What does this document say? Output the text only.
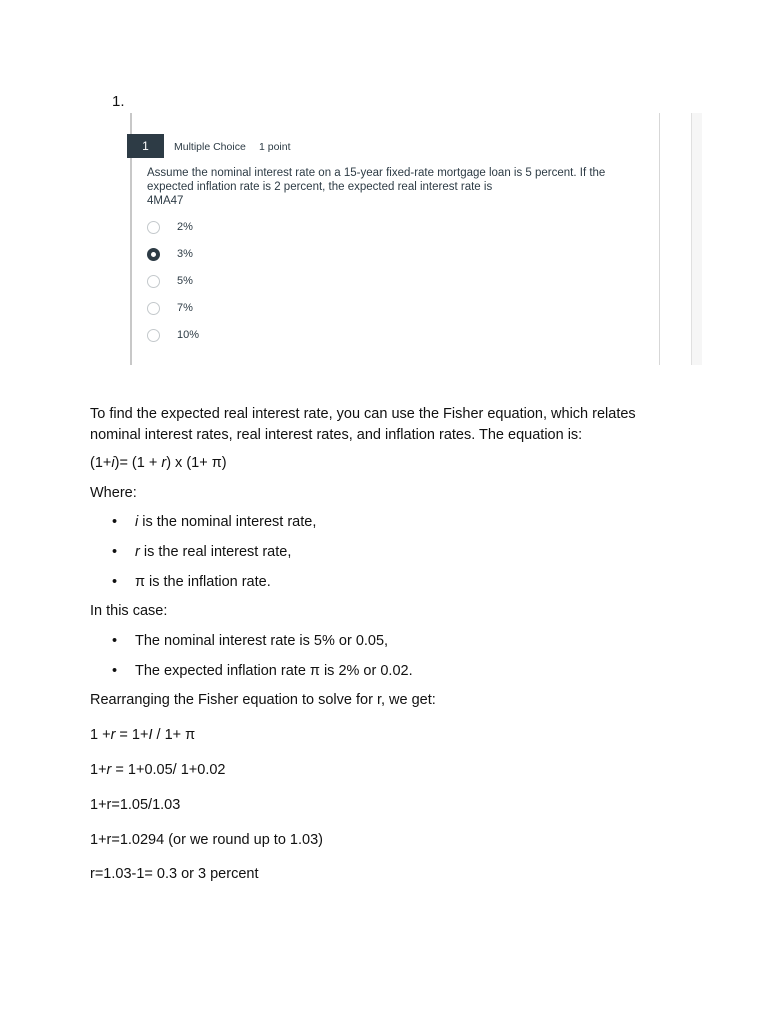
1.
1	Multiple Choice 1 point
Assume the nominal interest rate on a 15-year fixed-rate mortgage loan is 5 percent. If the
expected inflation rate is 2 percent, the expected real interest rate is
4MA47
2%
3%
5%
7%
10%
To find the expected real interest rate, you can use the Fisher equation, which relates nominal interest rates, real interest rates, and inflation rates. The equation is:
(1+i)= (1 + r) x (1+ π)
Where:
• i is the nominal interest rate,
• r is the real interest rate,
• π is the inflation rate.
In this case:
• The nominal interest rate is 5% or 0.05,
• The expected inflation rate π is 2% or 0.02.
Rearranging the Fisher equation to solve for r, we get:
1 +r = 1+I / 1+ π
1+r = 1+0.05/ 1+0.02
1+r=1.05/1.03
1+r=1.0294 (or we round up to 1.03)
r=1.03-1= 0.3 or 3 percent
